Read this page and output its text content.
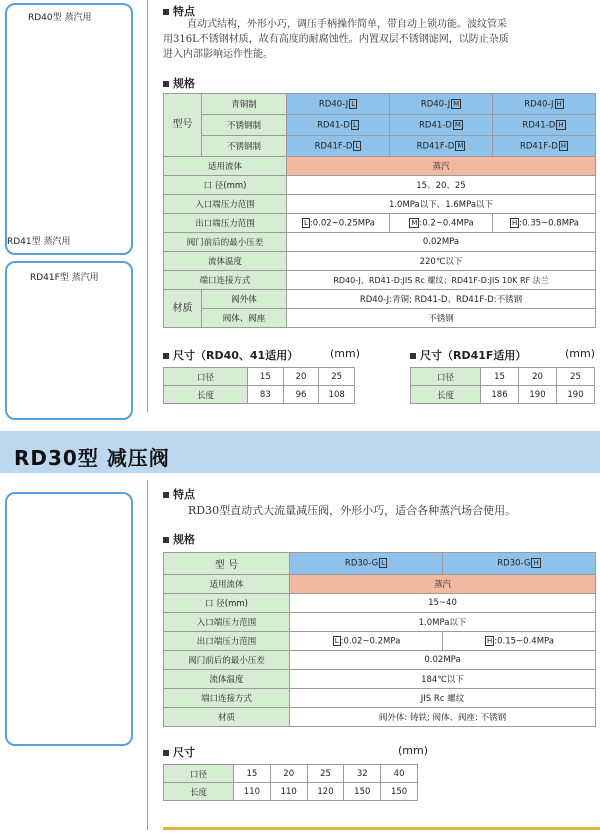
RD40型 蒸汽用
RD41型 蒸汽用
RD41F型 蒸汽用
特点
直动式结构，外形小巧，调压手柄操作简单，带自动上锁功能。波纹管采
用316L不锈钢材质，故有高度的耐腐蚀性。内置双层不锈钢滤网，以防止杂质
进入内部影响运作性能。
规格
型号	青铜制	RD40-J L	RD40-J M	RD40-J H
	不锈钢制	RD41-D L	RD41-D M	RD41-D H
	不锈钢制	RD41F-D L	RD41F-D M	RD41F-D H
适用流体		蒸汽		
口 径(mm)		15、20、25		
入口端压力范围		1.0MPa以下、1.6MPa以下		
出口端压力范围		L :0.02~0.25MPa	M :0.2~0.4MPa	H :0.35~0.8MPa
阀门前后的最小压差		0.02MPa		
流体温度		220℃以下		
端口连接方式		RD40-J、RD41-D:JIS Rc 螺纹；RD41F-D:JIS 10K RF 法兰		
材质	阀外体	RD40-J:青铜; RD41-D、RD41F-D:不锈钢		
	阀体、阀座	不锈钢		
尺寸（RD40、41适用）	(mm)
口径	15	20	25
长度	83	96	108
尺寸（RD41F适用）	(mm)
口径	15	20	25
长度	186	190	190
RD30型 减压阀
特点
RD30型直动式大流量减压阀，外形小巧，适合各种蒸汽场合使用。
规格
型 号	RD30-G L	RD30-G H
适用流体	蒸汽	
口 径(mm)	15~40	
入口端压力范围	1.0MPa以下	
出口端压力范围	L :0.02~0.2MPa	H :0.15~0.4MPa
阀门前后的最小压差	0.02MPa	
流体温度	184℃以下	
端口连接方式	JIS Rc 螺纹	
材质	阀外体: 铸铁; 阀体、阀座: 不锈钢	
尺寸	(mm)
口径	15	20	25	32	40
长度	110	110	120	150	150
